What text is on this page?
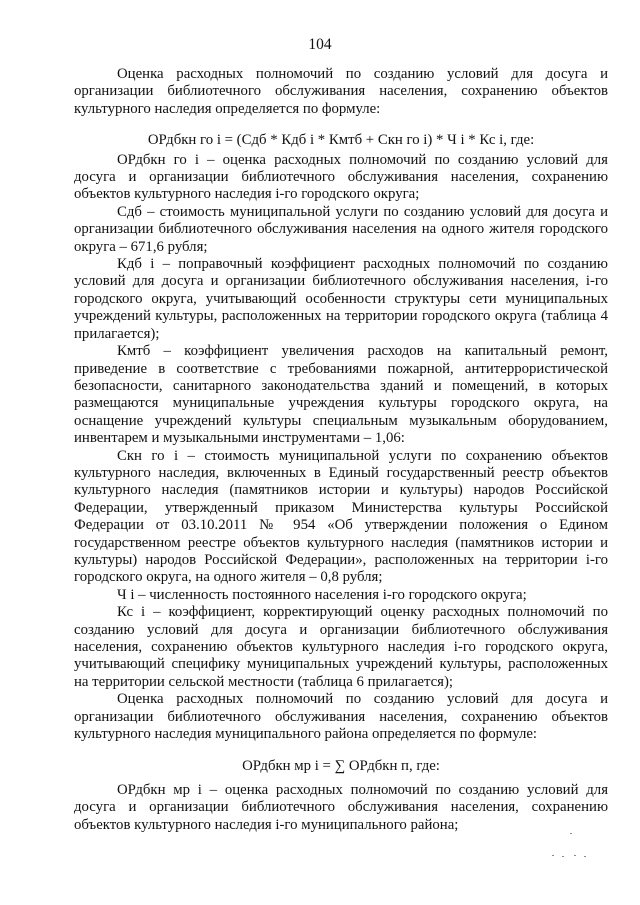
104

Оценка расходных полномочий по созданию условий для досуга и организации библиотечного обслуживания населения, сохранению объектов культурного наследия определяется по формуле:

ОРдбкн го i = (Сдб * Кдб i * Кмтб + Скн го i) * Ч i * Кс i, где:

ОРдбкн го i – оценка расходных полномочий по созданию условий для досуга и организации библиотечного обслуживания населения, сохранению объектов культурного наследия i-го городского округа;

Сдб – стоимость муниципальной услуги по созданию условий для досуга и организации библиотечного обслуживания населения на одного жителя городского округа – 671,6 рубля;

Кдб i – поправочный коэффициент расходных полномочий по созданию условий для досуга и организации библиотечного обслуживания населения, i-го городского округа, учитывающий особенности структуры сети муниципальных учреждений культуры, расположенных на территории городского округа (таблица 4 прилагается);

Кмтб – коэффициент увеличения расходов на капитальный ремонт, приведение в соответствие с требованиями пожарной, антитеррористической безопасности, санитарного законодательства зданий и помещений, в которых размещаются муниципальные учреждения культуры городского округа, на оснащение учреждений культуры специальным музыкальным оборудованием, инвентарем и музыкальными инструментами – 1,06:

Скн го i – стоимость муниципальной услуги по сохранению объектов культурного наследия, включенных в Единый государственный реестр объектов культурного наследия (памятников истории и культуры) народов Российской Федерации, утвержденный приказом Министерства культуры Российской Федерации от 03.10.2011 № 954 «Об утверждении положения о Едином государственном реестре объектов культурного наследия (памятников истории и культуры) народов Российской Федерации», расположенных на территории i-го городского округа, на одного жителя – 0,8 рубля;

Ч i – численность постоянного населения i-го городского округа;

Кс i – коэффициент, корректирующий оценку расходных полномочий по созданию условий для досуга и организации библиотечного обслуживания населения, сохранению объектов культурного наследия i-го городского округа, учитывающий специфику муниципальных учреждений культуры, расположенных на территории сельской местности (таблица 6 прилагается);

Оценка расходных полномочий по созданию условий для досуга и организации библиотечного обслуживания населения, сохранению объектов культурного наследия муниципального района определяется по формуле:

ОРдбкн мр i = ∑ ОРдбкн п, где:

ОРдбкн мр i – оценка расходных полномочий по созданию условий для досуга и организации библиотечного обслуживания населения, сохранению объектов культурного наследия i-го муниципального района;
